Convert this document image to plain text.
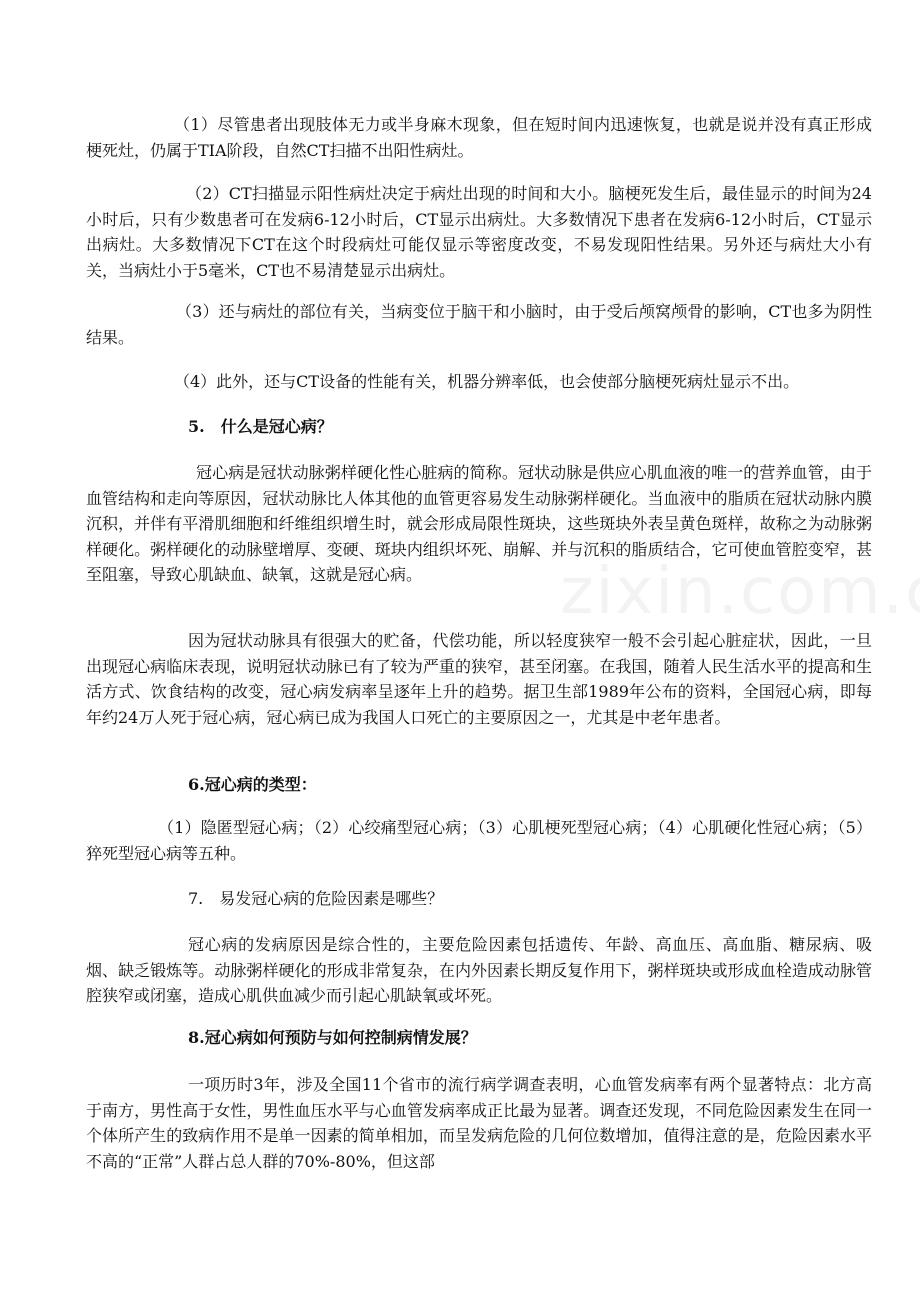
（1）尽管患者出现肢体无力或半身麻木现象，但在短时间内迅速恢复，也就是说并没有真正形成梗死灶，仍属于TIA阶段，自然CT扫描不出阳性病灶。

（2）CT扫描显示阳性病灶决定于病灶出现的时间和大小。脑梗死发生后，最佳显示的时间为24小时后，只有少数患者可在发病6-12小时后，CT显示出病灶。大多数情况下患者在发病6-12小时后，CT显示出病灶。大多数情况下CT在这个时段病灶可能仅显示等密度改变，不易发现阳性结果。另外还与病灶大小有关，当病灶小于5毫米，CT也不易清楚显示出病灶。

（3）还与病灶的部位有关，当病变位于脑干和小脑时，由于受后颅窝颅骨的影响，CT也多为阴性结果。

（4）此外，还与CT设备的性能有关，机器分辨率低，也会使部分脑梗死病灶显示不出。

5.　什么是冠心病？

冠心病是冠状动脉粥样硬化性心脏病的简称。冠状动脉是供应心肌血液的唯一的营养血管，由于血管结构和走向等原因，冠状动脉比人体其他的血管更容易发生动脉粥样硬化。当血液中的脂质在冠状动脉内膜沉积，并伴有平滑肌细胞和纤维组织增生时，就会形成局限性斑块，这些斑块外表呈黄色斑样，故称之为动脉粥样硬化。粥样硬化的动脉壁增厚、变硬、斑块内组织坏死、崩解、并与沉积的脂质结合，它可使血管腔变窄，甚至阻塞，导致心肌缺血、缺氧，这就是冠心病。

因为冠状动脉具有很强大的贮备，代偿功能，所以轻度狭窄一般不会引起心脏症状，因此，一旦出现冠心病临床表现，说明冠状动脉已有了较为严重的狭窄，甚至闭塞。在我国，随着人民生活水平的提高和生活方式、饮食结构的改变，冠心病发病率呈逐年上升的趋势。据卫生部1989年公布的资料，全国冠心病，即每年约24万人死于冠心病，冠心病已成为我国人口死亡的主要原因之一，尤其是中老年患者。

6.冠心病的类型：

（1）隐匿型冠心病；（2）心绞痛型冠心病；（3）心肌梗死型冠心病；（4）心肌硬化性冠心病；（5）猝死型冠心病等五种。

7.　易发冠心病的危险因素是哪些？

冠心病的发病原因是综合性的，主要危险因素包括遗传、年龄、高血压、高血脂、糖尿病、吸烟、缺乏锻炼等。动脉粥样硬化的形成非常复杂，在内外因素长期反复作用下，粥样斑块或形成血栓造成动脉管腔狭窄或闭塞，造成心肌供血减少而引起心肌缺氧或坏死。

8.冠心病如何预防与如何控制病情发展？

一项历时3年，涉及全国11个省市的流行病学调查表明，心血管发病率有两个显著特点：北方高于南方，男性高于女性，男性血压水平与心血管发病率成正比最为显著。调查还发现，不同危险因素发生在同一个体所产生的致病作用不是单一因素的简单相加，而呈发病危险的几何位数增加，值得注意的是，危险因素水平不高的“正常”人群占总人群的70%-80%，但这部
